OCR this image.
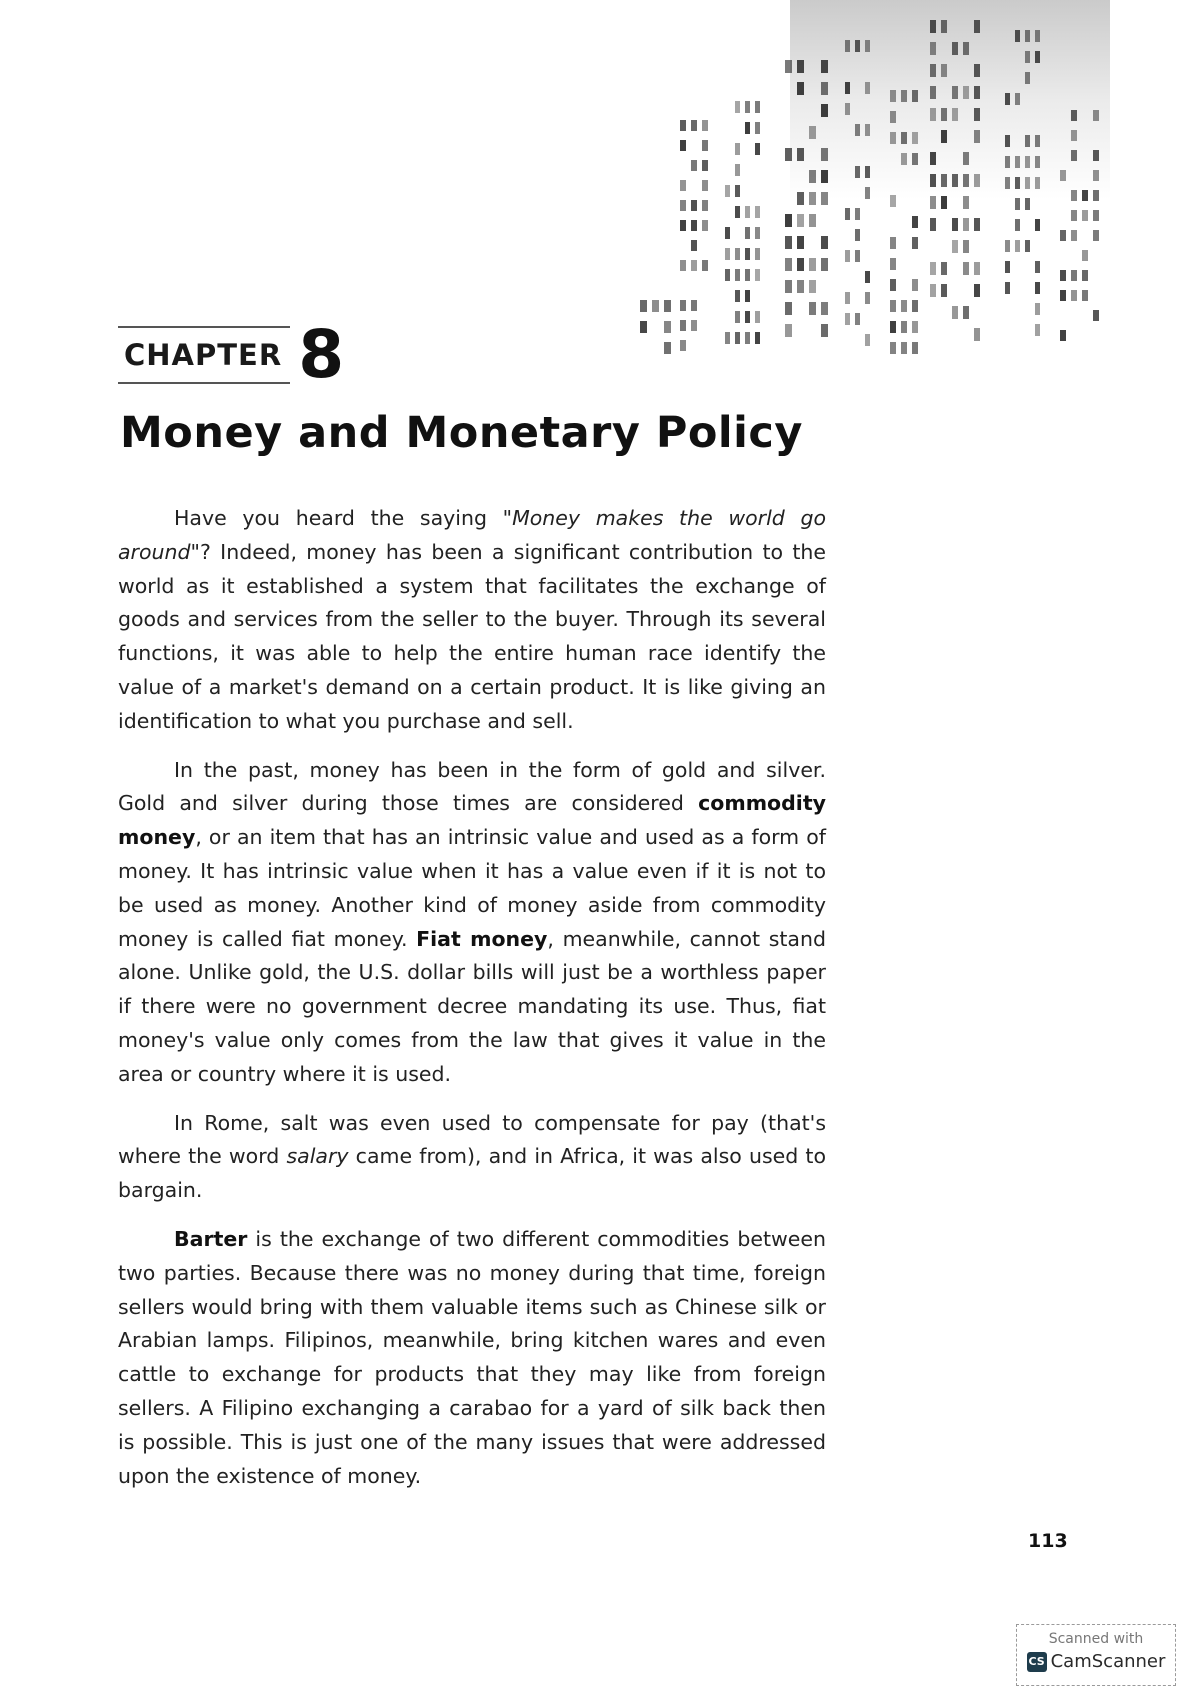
CHAPTER 8
Money and Monetary Policy

Have you heard the saying "Money makes the world go around"? Indeed, money has been a significant contribution to the world as it established a system that facilitates the exchange of goods and services from the seller to the buyer. Through its several functions, it was able to help the entire human race identify the value of a market's demand on a certain product. It is like giving an identification to what you purchase and sell.

In the past, money has been in the form of gold and silver. Gold and silver during those times are considered commodity money, or an item that has an intrinsic value and used as a form of money. It has intrinsic value when it has a value even if it is not to be used as money. Another kind of money aside from commodity money is called fiat money. Fiat money, meanwhile, cannot stand alone. Unlike gold, the U.S. dollar bills will just be a worthless paper if there were no government decree mandating its use. Thus, fiat money's value only comes from the law that gives it value in the area or country where it is used.

In Rome, salt was even used to compensate for pay (that's where the word salary came from), and in Africa, it was also used to bargain.

Barter is the exchange of two different commodities between two parties. Because there was no money during that time, foreign sellers would bring with them valuable items such as Chinese silk or Arabian lamps. Filipinos, meanwhile, bring kitchen wares and even cattle to exchange for products that they may like from foreign sellers. A Filipino exchanging a carabao for a yard of silk back then is possible. This is just one of the many issues that were addressed upon the existence of money.

113
Scanned with
CS CamScanner
